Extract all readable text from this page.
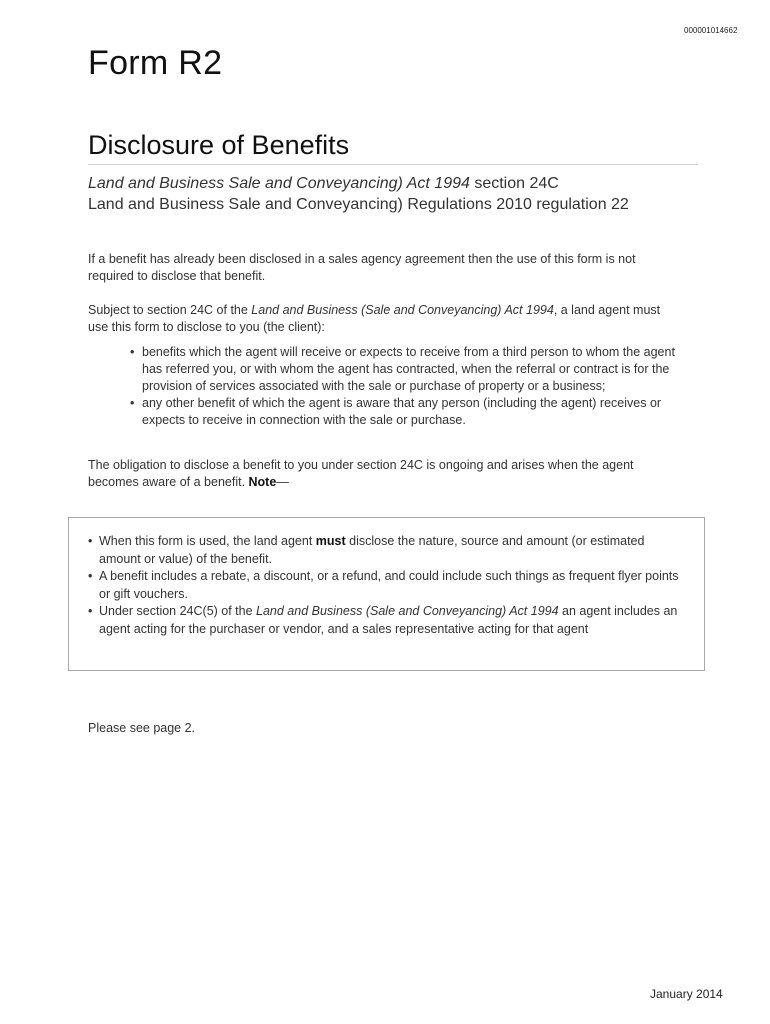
000001014662
Form R2
Disclosure of Benefits
Land and Business Sale and Conveyancing) Act 1994 section 24C
Land and Business Sale and Conveyancing) Regulations 2010 regulation 22

If a benefit has already been disclosed in a sales agency agreement then the use of this form is not required to disclose that benefit.

Subject to section 24C of the Land and Business (Sale and Conveyancing) Act 1994, a land agent must use this form to disclose to you (the client):

• benefits which the agent will receive or expects to receive from a third person to whom the agent has referred you, or with whom the agent has contracted, when the referral or contract is for the provision of services associated with the sale or purchase of property or a business;
• any other benefit of which the agent is aware that any person (including the agent) receives or expects to receive in connection with the sale or purchase.

The obligation to disclose a benefit to you under section 24C is ongoing and arises when the agent becomes aware of a benefit. Note—

• When this form is used, the land agent must disclose the nature, source and amount (or estimated amount or value) of the benefit.
• A benefit includes a rebate, a discount, or a refund, and could include such things as frequent flyer points or gift vouchers.
• Under section 24C(5) of the Land and Business (Sale and Conveyancing) Act 1994 an agent includes an agent acting for the purchaser or vendor, and a sales representative acting for that agent

Please see page 2.

January 2014
